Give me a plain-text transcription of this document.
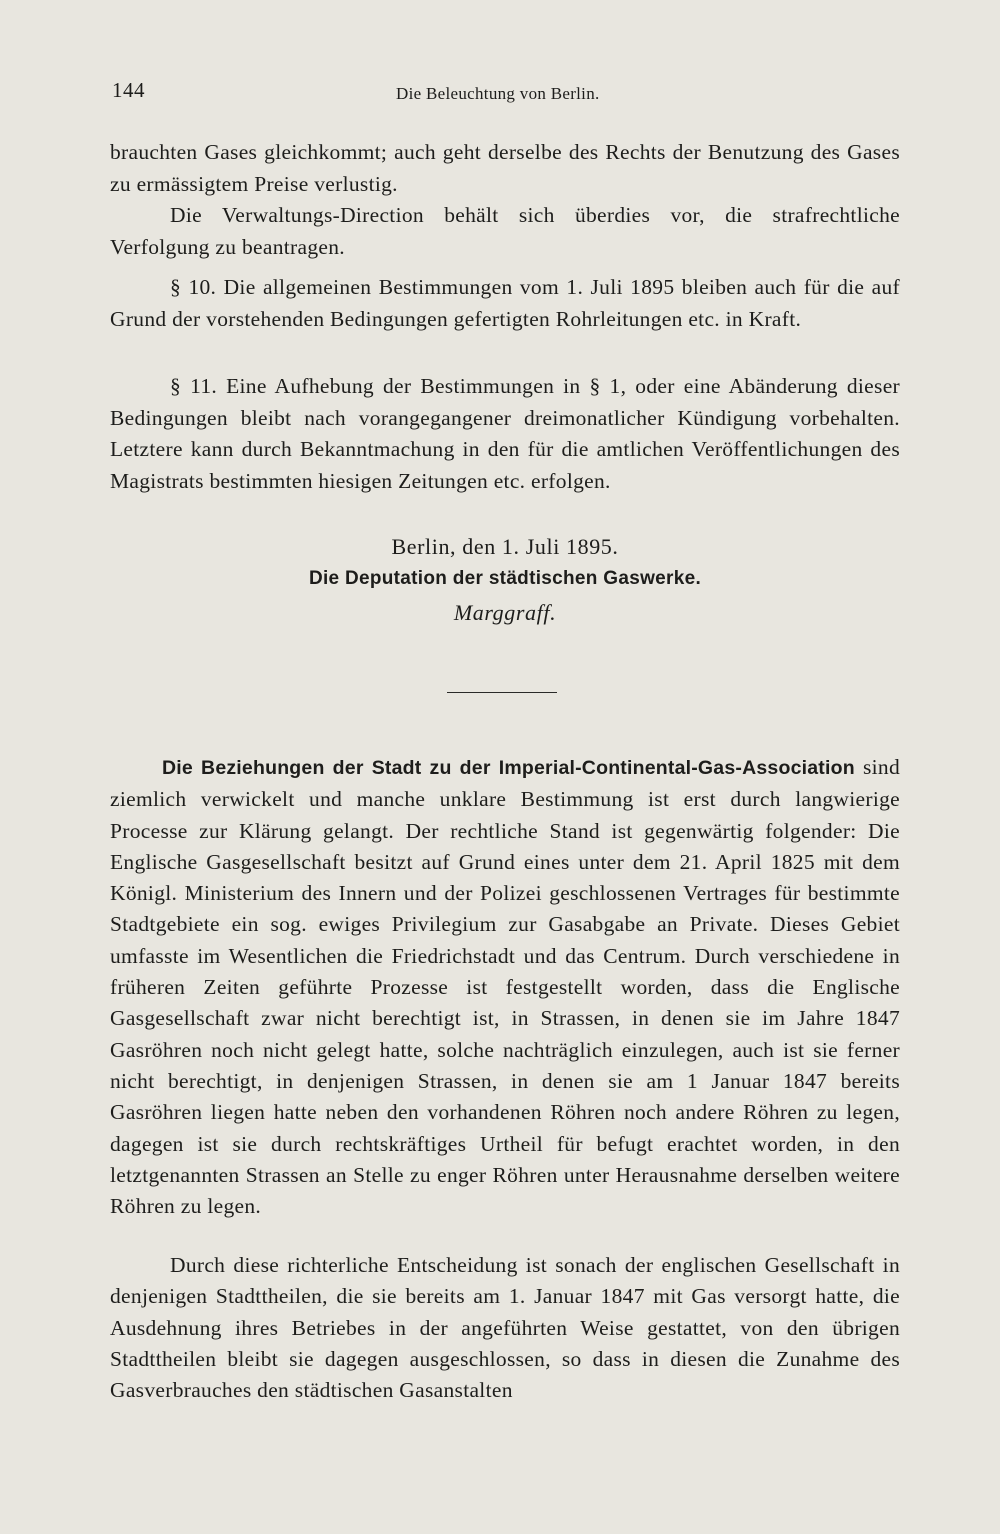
144	Die Beleuchtung von Berlin.

brauchten Gases gleichkommt; auch geht derselbe des Rechts der Benutzung des Gases zu ermässigtem Preise verlustig.

Die Verwaltungs-Direction behält sich überdies vor, die strafrechtliche Verfolgung zu beantragen.

§ 10. Die allgemeinen Bestimmungen vom 1. Juli 1895 bleiben auch für die auf Grund der vorstehenden Bedingungen gefertigten Rohrleitungen etc. in Kraft.

§ 11. Eine Aufhebung der Bestimmungen in § 1, oder eine Abänderung dieser Bedingungen bleibt nach vorangegangener dreimonatlicher Kündigung vorbehalten. Letztere kann durch Bekanntmachung in den für die amtlichen Veröffentlichungen des Magistrats bestimmten hiesigen Zeitungen etc. erfolgen.

Berlin, den 1. Juli 1895.
Die Deputation der städtischen Gaswerke.
Marggraff.

Die Beziehungen der Stadt zu der Imperial-Continental-Gas-Association sind ziemlich verwickelt und manche unklare Bestimmung ist erst durch langwierige Processe zur Klärung gelangt. Der rechtliche Stand ist gegenwärtig folgender: Die Englische Gasgesellschaft besitzt auf Grund eines unter dem 21. April 1825 mit dem Königl. Ministerium des Innern und der Polizei geschlossenen Vertrages für bestimmte Stadtgebiete ein sog. ewiges Privilegium zur Gasabgabe an Private. Dieses Gebiet umfasste im Wesentlichen die Friedrichstadt und das Centrum. Durch verschiedene in früheren Zeiten geführte Prozesse ist festgestellt worden, dass die Englische Gasgesellschaft zwar nicht berechtigt ist, in Strassen, in denen sie im Jahre 1847 Gasröhren noch nicht gelegt hatte, solche nachträglich einzulegen, auch ist sie ferner nicht berechtigt, in denjenigen Strassen, in denen sie am 1 Januar 1847 bereits Gasröhren liegen hatte neben den vorhandenen Röhren noch andere Röhren zu legen, dagegen ist sie durch rechtskräftiges Urtheil für befugt erachtet worden, in den letztgenannten Strassen an Stelle zu enger Röhren unter Herausnahme derselben weitere Röhren zu legen.

Durch diese richterliche Entscheidung ist sonach der englischen Gesellschaft in denjenigen Stadttheilen, die sie bereits am 1. Januar 1847 mit Gas versorgt hatte, die Ausdehnung ihres Betriebes in der angeführten Weise gestattet, von den übrigen Stadttheilen bleibt sie dagegen ausgeschlossen, so dass in diesen die Zunahme des Gasverbrauches den städtischen Gasanstalten
